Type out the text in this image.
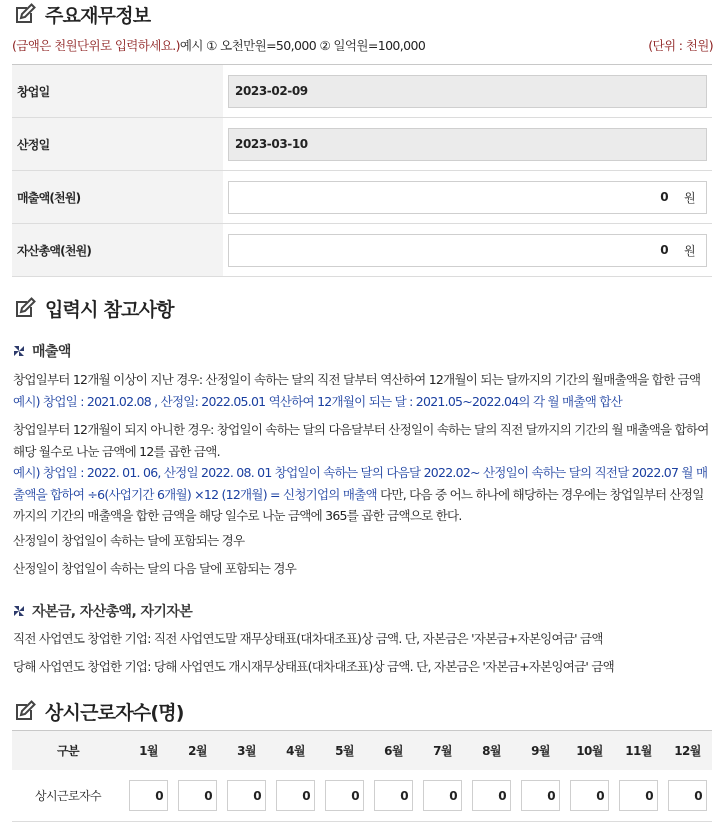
주요재무정보
(금액은 천원단위로 입력하세요.)예시 ① 오천만원=50,000 ② 일억원=100,000	(단위 : 천원)
창업일	2023-02-09
산정일	2023-03-10
매출액(천원)	0 원
자산총액(천원)	0 원
입력시 참고사항
매출액
창업일부터 12개월 이상이 지난 경우: 산정일이 속하는 달의 직전 달부터 역산하여 12개월이 되는 달까지의 기간의 월매출액을 합한 금액
예시) 창업일 : 2021.02.08 , 산정일: 2022.05.01 역산하여 12개월이 되는 달 : 2021.05~2022.04의 각 월 매출액 합산
창업일부터 12개월이 되지 아니한 경우: 창업일이 속하는 달의 다음달부터 산정일이 속하는 달의 직전 달까지의 기간의 월 매출액을 합하여 해당 월수로 나눈 금액에 12를 곱한 금액.
예시) 창업일 : 2022. 01. 06, 산정일 2022. 08. 01 창업일이 속하는 달의 다음달 2022.02~ 산정일이 속하는 달의 직전달 2022.07 월 매출액을 합하여 ÷6(사업기간 6개월) ×12 (12개월) = 신청기업의 매출액 다만, 다음 중 어느 하나에 해당하는 경우에는 창업일부터 산정일까지의 기간의 매출액을 합한 금액을 해당 일수로 나눈 금액에 365를 곱한 금액으로 한다.
산정일이 창업일이 속하는 달에 포함되는 경우
산정일이 창업일이 속하는 달의 다음 달에 포함되는 경우
자본금, 자산총액, 자기자본
직전 사업연도 창업한 기업: 직전 사업연도말 재무상태표(대차대조표)상 금액. 단, 자본금은 '자본금+자본잉여금' 금액
당해 사업연도 창업한 기업: 당해 사업연도 개시재무상태표(대차대조표)상 금액. 단, 자본금은 '자본금+자본잉여금' 금액
상시근로자수(명)
구분	1월	2월	3월	4월	5월	6월	7월	8월	9월	10월	11월	12월
상시근로자수	0	0	0	0	0	0	0	0	0	0	0	0
